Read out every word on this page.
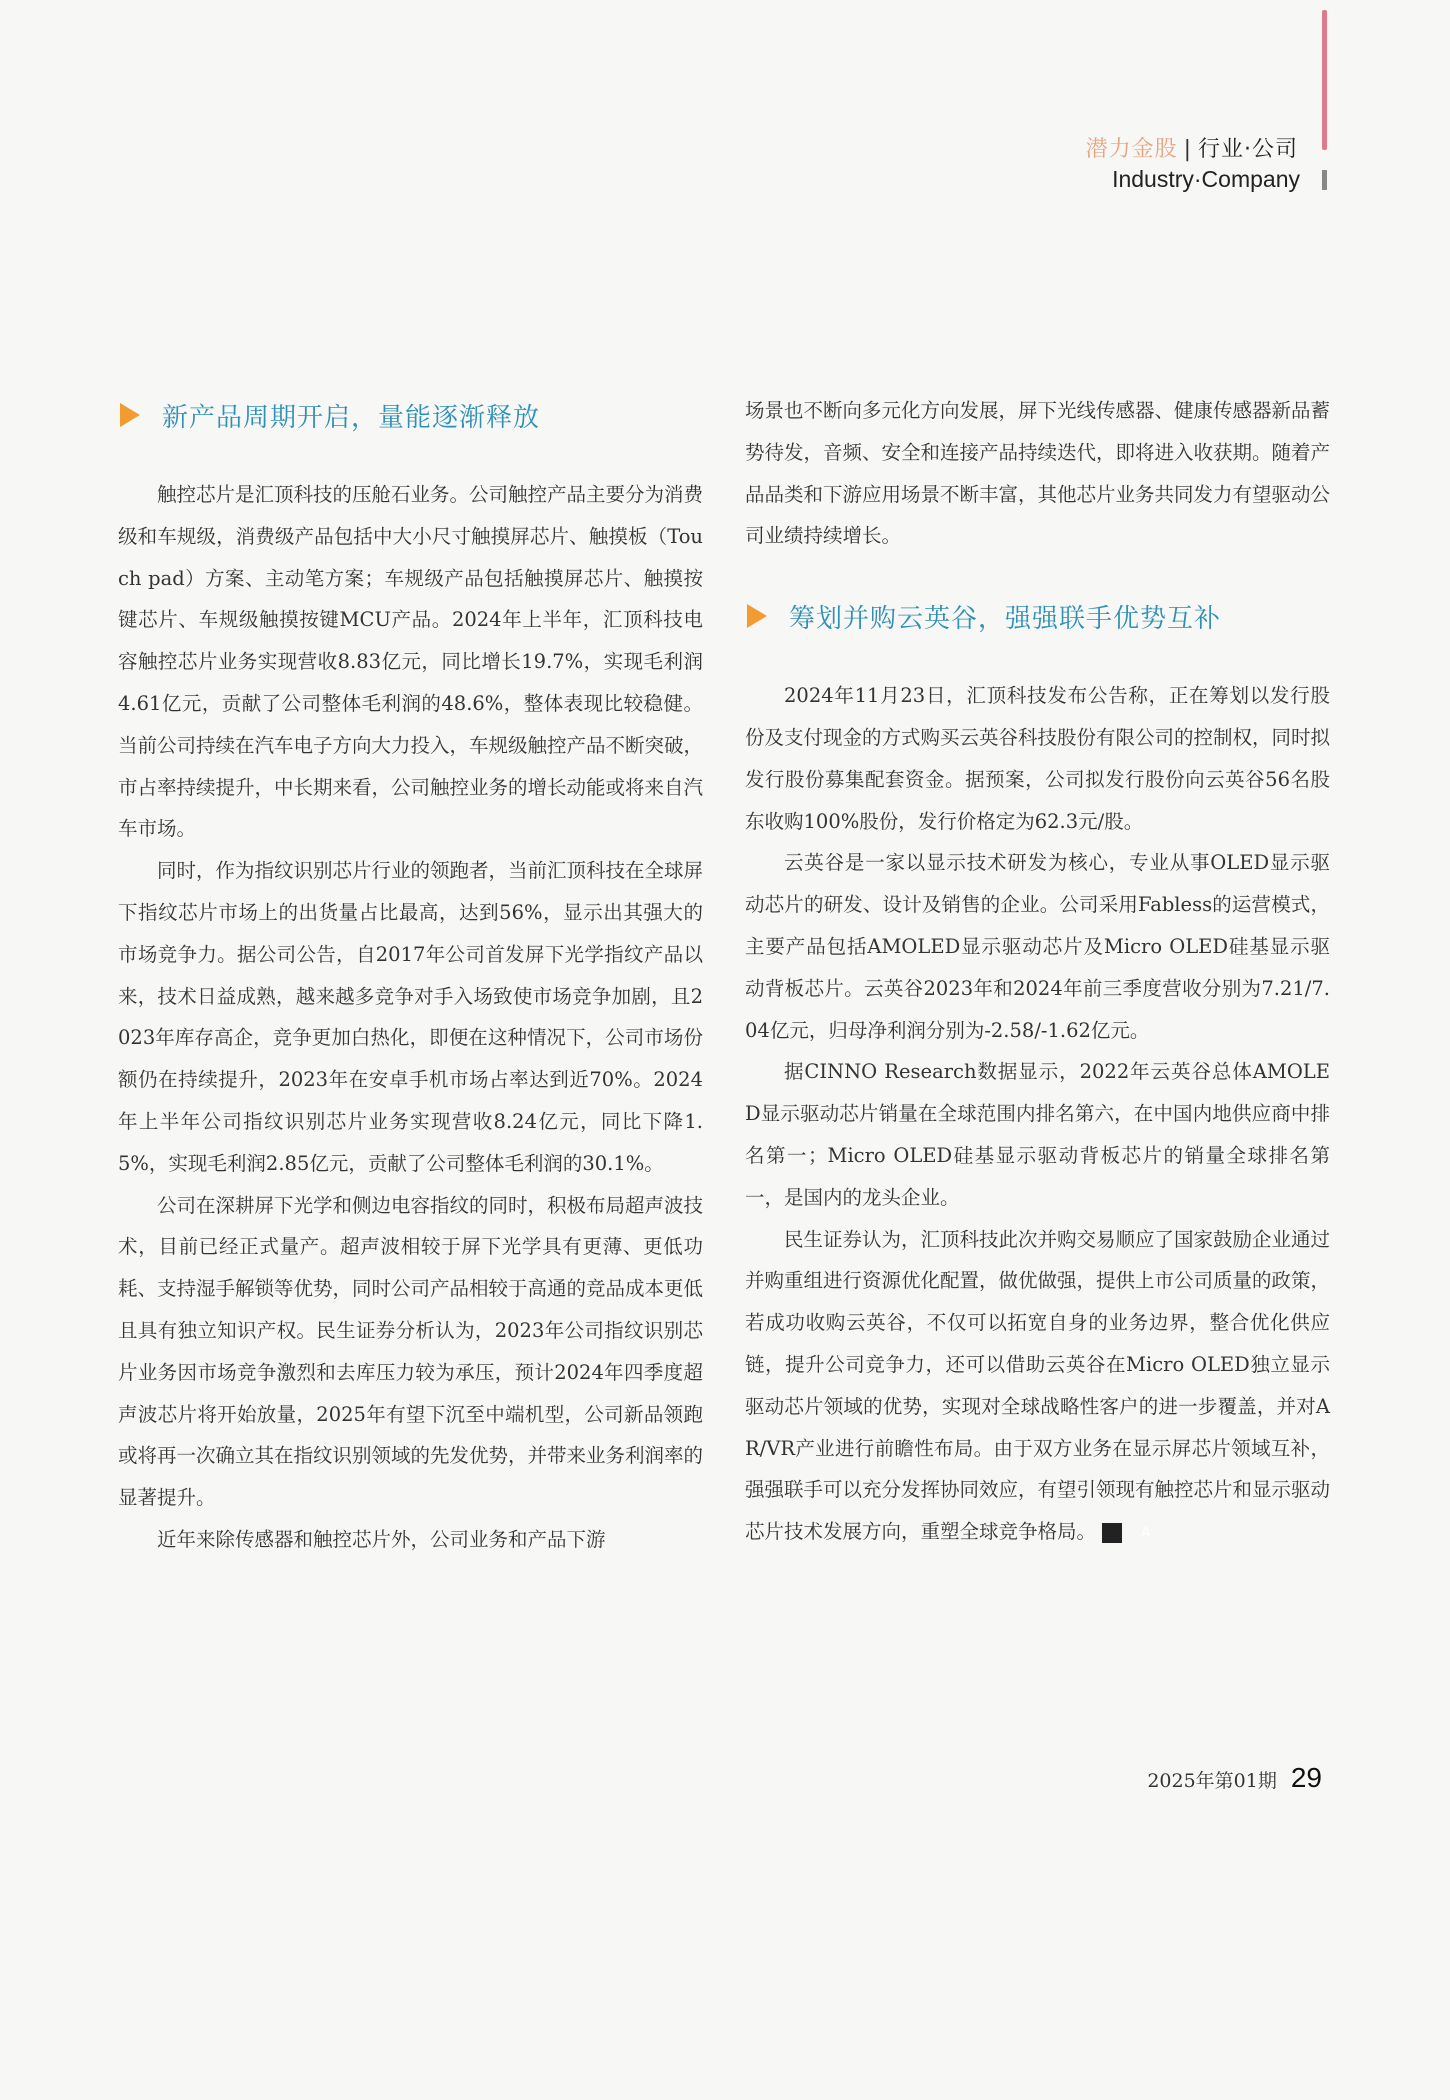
潜力金股 | 行业·公司
Industry·Company
新产品周期开启，量能逐渐释放

触控芯片是汇顶科技的压舱石业务。公司触控产品主要分为消费级和车规级，消费级产品包括中大小尺寸触摸屏芯片、触摸板（Touch pad）方案、主动笔方案；车规级产品包括触摸屏芯片、触摸按键芯片、车规级触摸按键MCU产品。2024年上半年，汇顶科技电容触控芯片业务实现营收8.83亿元，同比增长19.7%，实现毛利润4.61亿元，贡献了公司整体毛利润的48.6%，整体表现比较稳健。当前公司持续在汽车电子方向大力投入，车规级触控产品不断突破，市占率持续提升，中长期来看，公司触控业务的增长动能或将来自汽车市场。

同时，作为指纹识别芯片行业的领跑者，当前汇顶科技在全球屏下指纹芯片市场上的出货量占比最高，达到56%，显示出其强大的市场竞争力。据公司公告，自2017年公司首发屏下光学指纹产品以来，技术日益成熟，越来越多竞争对手入场致使市场竞争加剧，且2023年库存高企，竞争更加白热化，即便在这种情况下，公司市场份额仍在持续提升，2023年在安卓手机市场占率达到近70%。2024年上半年公司指纹识别芯片业务实现营收8.24亿元，同比下降1.5%，实现毛利润2.85亿元，贡献了公司整体毛利润的30.1%。

公司在深耕屏下光学和侧边电容指纹的同时，积极布局超声波技术，目前已经正式量产。超声波相较于屏下光学具有更薄、更低功耗、支持湿手解锁等优势，同时公司产品相较于高通的竞品成本更低且具有独立知识产权。民生证券分析认为，2023年公司指纹识别芯片业务因市场竞争激烈和去库压力较为承压，预计2024年四季度超声波芯片将开始放量，2025年有望下沉至中端机型，公司新品领跑或将再一次确立其在指纹识别领域的先发优势，并带来业务利润率的显著提升。

近年来除传感器和触控芯片外，公司业务和产品下游

场景也不断向多元化方向发展，屏下光线传感器、健康传感器新品蓄势待发，音频、安全和连接产品持续迭代，即将进入收获期。随着产品品类和下游应用场景不断丰富，其他芯片业务共同发力有望驱动公司业绩持续增长。

筹划并购云英谷， 强强联手优势互补

2024年11月23日，汇顶科技发布公告称，正在筹划以发行股份及支付现金的方式购买云英谷科技股份有限公司的控制权，同时拟发行股份募集配套资金。据预案，公司拟发行股份向云英谷56名股东收购100%股份，发行价格定为62.3元/股。

云英谷是一家以显示技术研发为核心，专业从事OLED显示驱动芯片的研发、设计及销售的企业。公司采用Fabless的运营模式，主要产品包括AMOLED显示驱动芯片及Micro OLED硅基显示驱动背板芯片。云英谷2023年和2024年前三季度营收分别为7.21/7.04亿元，归母净利润分别为-2.58/-1.62亿元。

据CINNO Research数据显示，2022年云英谷总体AMOLED显示驱动芯片销量在全球范围内排名第六，在中国内地供应商中排名第一；Micro OLED硅基显示驱动背板芯片的销量全球排名第一，是国内的龙头企业。

民生证券认为，汇顶科技此次并购交易顺应了国家鼓励企业通过并购重组进行资源优化配置，做优做强，提供上市公司质量的政策，若成功收购云英谷，不仅可以拓宽自身的业务边界，整合优化供应链，提升公司竞争力，还可以借助云英谷在Micro OLED独立显示驱动芯片领域的优势，实现对全球战略性客户的进一步覆盖，并对AR/VR产业进行前瞻性布局。由于双方业务在显示屏芯片领域互补，强强联手可以充分发挥协同效应，有望引领现有触控芯片和显示驱动芯片技术发展方向，重塑全球竞争格局。	A

2025年第01期 29
